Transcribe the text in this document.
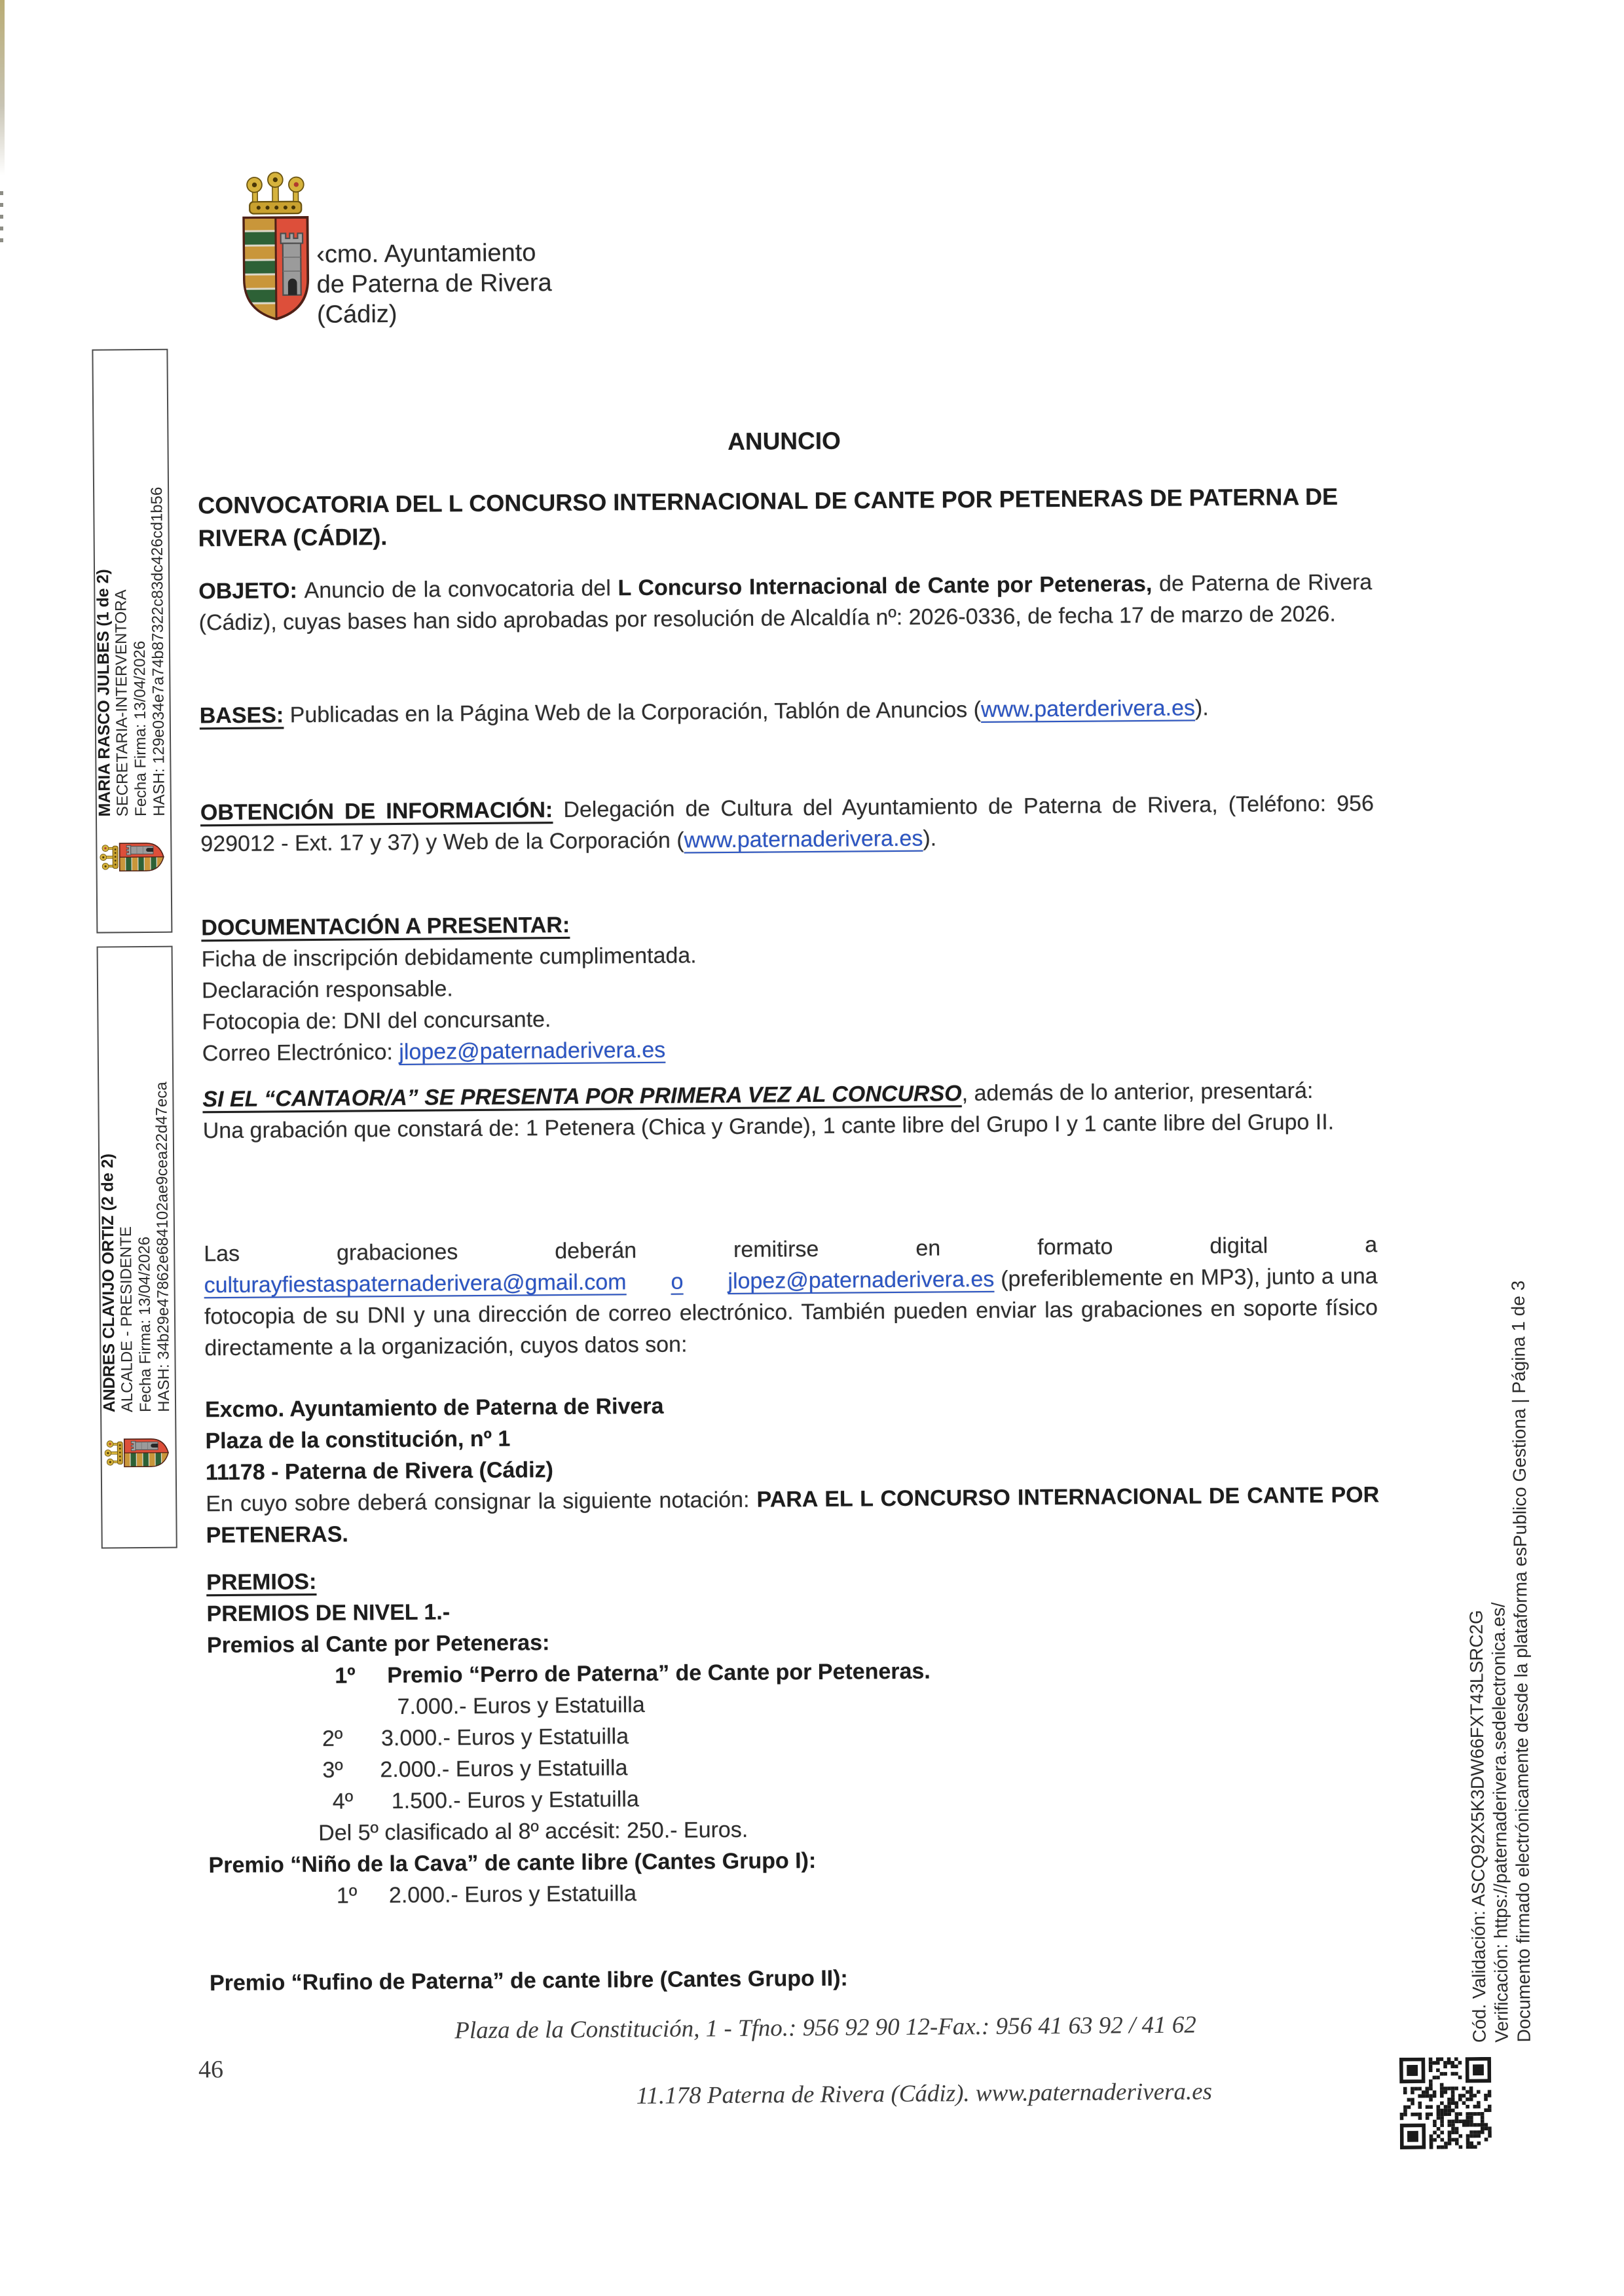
‹cmo. Ayuntamiento
de Paterna de Rivera
(Cádiz)
ANUNCIO
CONVOCATORIA DEL L CONCURSO INTERNACIONAL DE CANTE POR PETENERAS DE PATERNA DE RIVERA (CÁDIZ).
OBJETO: Anuncio de la convocatoria del L Concurso Internacional de Cante por Peteneras, de Paterna de Rivera (Cádiz), cuyas bases han sido aprobadas por resolución de Alcaldía nº: 2026-0336, de fecha 17 de marzo de 2026.
BASES: Publicadas en la Página Web de la Corporación, Tablón de Anuncios (www.paterderivera.es).
OBTENCIÓN DE INFORMACIÓN: Delegación de Cultura del Ayuntamiento de Paterna de Rivera, (Teléfono: 956 929012 - Ext. 17 y 37) y Web de la Corporación (www.paternaderivera.es).
DOCUMENTACIÓN A PRESENTAR:
Ficha de inscripción debidamente cumplimentada.
Declaración responsable.
Fotocopia de: DNI del concursante.
Correo Electrónico: jlopez@paternaderivera.es
SI EL “CANTAOR/A” SE PRESENTA POR PRIMERA VEZ AL CONCURSO, además de lo anterior, presentará:
Una grabación que constará de: 1 Petenera (Chica y Grande), 1 cante libre del Grupo I y 1 cante libre del Grupo II.
Las grabaciones deberán remitirse en formato digital a culturayfiestaspaternaderivera@gmail.com o jlopez@paternaderivera.es (preferiblemente en MP3), junto a una fotocopia de su DNI y una dirección de correo electrónico. También pueden enviar las grabaciones en soporte físico directamente a la organización, cuyos datos son:
Excmo. Ayuntamiento de Paterna de Rivera
Plaza de la constitución, nº 1
11178 - Paterna de Rivera (Cádiz)
En cuyo sobre deberá consignar la siguiente notación: PARA EL L CONCURSO INTERNACIONAL DE CANTE POR PETENERAS.
PREMIOS:
PREMIOS DE NIVEL 1.-
Premios al Cante por Peteneras:
1º	Premio “Perro de Paterna” de Cante por Peteneras.
7.000.- Euros y Estatuilla
2º	3.000.- Euros y Estatuilla
3º	2.000.- Euros y Estatuilla
4º	1.500.- Euros y Estatuilla
Del 5º clasificado al 8º accésit: 250.- Euros.
Premio “Niño de la Cava” de cante libre (Cantes Grupo I):
1º	2.000.- Euros y Estatuilla
Premio “Rufino de Paterna” de cante libre (Cantes Grupo II):
Plaza de la Constitución, 1 - Tfno.: 956 92 90 12-Fax.: 956 41 63 92 / 41 62
46
11.178 Paterna de Rivera (Cádiz). www.paternaderivera.es
MARIA RASCO JULBES (1 de 2)
SECRETARIA-INTERVENTORA
Fecha Firma: 13/04/2026
HASH: 129e034e7a74b87322c83dc426cd1b56
ANDRES CLAVIJO ORTIZ (2 de 2)
ALCALDE - PRESIDENTE
Fecha Firma: 13/04/2026
HASH: 34b29e47862e684102ae9cea22d47eca
Cód. Validación: ASCQ92X5K3DW66FXT43LSRC2G
Verificación: https://paternaderivera.sedelectronica.es/
Documento firmado electrónicamente desde la plataforma esPublico Gestiona | Página 1 de 3
